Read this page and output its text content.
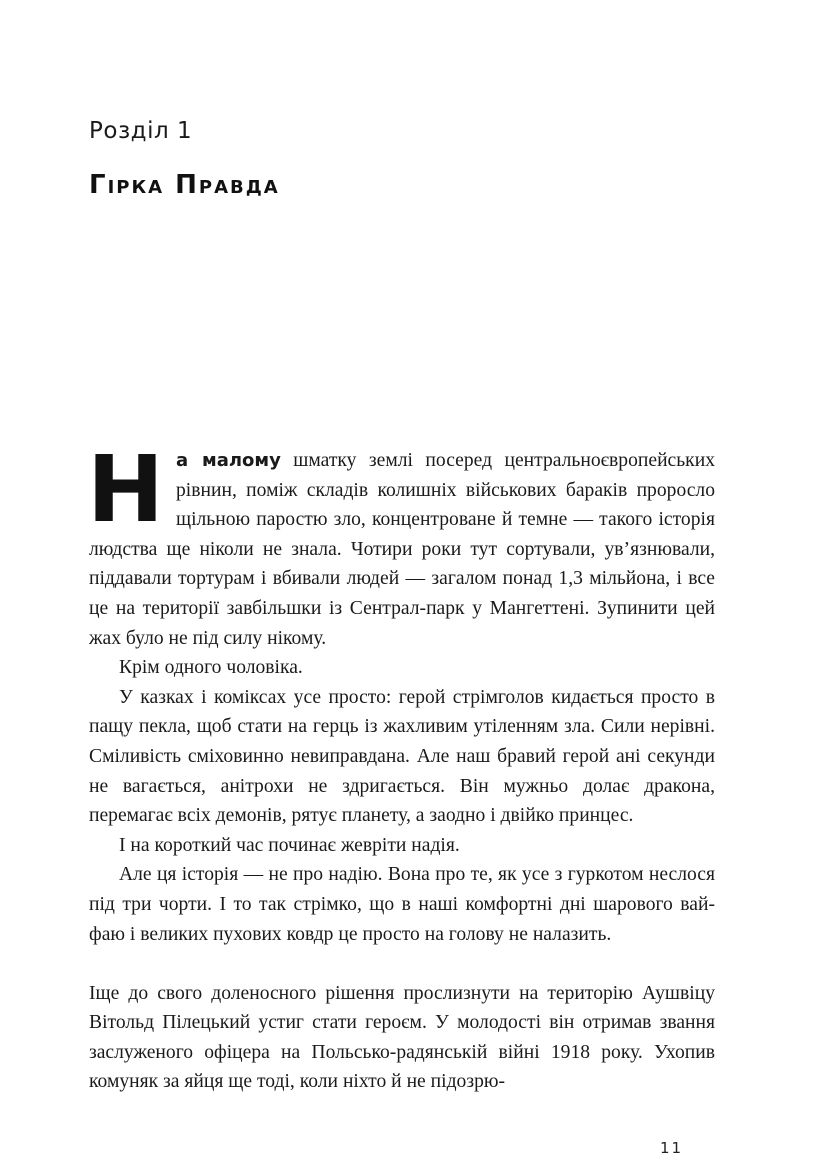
Розділ 1
Гірка Правда

На малому шматку землі посеред центральноєвропейських рівнин, поміж складів колишніх військових бараків проросло щільною паростю зло, концентроване й темне — такого історія людства ще ніколи не знала. Чотири роки тут сортували, ув’язнювали, піддавали тортурам і вбивали людей — загалом понад 1,3 мільйона, і все це на території завбільшки із Сентрал-парк у Мангеттені. Зупинити цей жах було не під силу нікому.

Крім одного чоловіка.

У казках і коміксах усе просто: герой стрімголов кидається просто в пащу пекла, щоб стати на герць із жахливим утіленням зла. Сили нерівні. Сміливість сміховинно невиправдана. Але наш бравий герой ані секунди не вагається, анітрохи не здригається. Він мужньо долає дракона, перемагає всіх демонів, рятує планету, а заодно і двійко принцес.

І на короткий час починає жевріти надія.

Але ця історія — не про надію. Вона про те, як усе з гуркотом неслося під три чорти. І то так стрімко, що в наші комфортні дні шарового вай-фаю і великих пухових ковдр це просто на голову не налазить.

Іще до свого доленосного рішення прослизнути на територію Аушвіцу Вітольд Пілецький устиг стати героєм. У молодості він отримав звання заслуженого офіцера на Польсько-радянській війні 1918 року. Ухопив комуняк за яйця ще тоді, коли ніхто й не підозрю-

11
